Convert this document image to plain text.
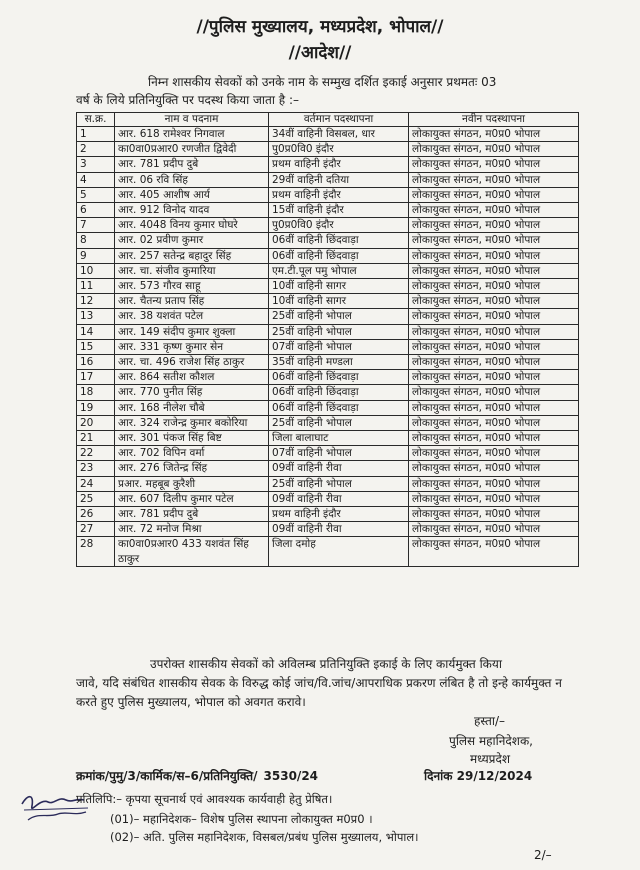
//पुलिस मुख्यालय, मध्यप्रदेश, भोपाल//
//आदेश//
निम्न शासकीय सेवकों को उनके नाम के सम्मुख दर्शित इकाई अनुसार प्रथमतः 03
वर्ष के लिये प्रतिनियुक्ति पर पदस्थ किया जाता है :–
स.क्र.	नाम व पदनाम	वर्तमान पदस्थापना	नवीन पदस्थापना
1	आर. 618 रामेश्वर निगवाल	34वीं वाहिनी विसबल, धार	लोकायुक्त संगठन, म0प्र0 भोपाल
2	का0वा0प्रआर0 रणजीत द्विवेदी	पु0प्र0वि0 इंदौर	लोकायुक्त संगठन, म0प्र0 भोपाल
3	आर. 781 प्रदीप दुबे	प्रथम वाहिनी इंदौर	लोकायुक्त संगठन, म0प्र0 भोपाल
4	आर. 06 रवि सिंह	29वीं वाहिनी दतिया	लोकायुक्त संगठन, म0प्र0 भोपाल
5	आर. 405 आशीष आर्य	प्रथम वाहिनी इंदौर	लोकायुक्त संगठन, म0प्र0 भोपाल
6	आर. 912 विनोद यादव	15वीं वाहिनी इंदौर	लोकायुक्त संगठन, म0प्र0 भोपाल
7	आर. 4048 विनय कुमार घोघरे	पु0प्र0वि0 इंदौर	लोकायुक्त संगठन, म0प्र0 भोपाल
8	आर. 02 प्रवीण कुमार	06वीं वाहिनी छिंदवाड़ा	लोकायुक्त संगठन, म0प्र0 भोपाल
9	आर. 257 सतेन्द्र बहादुर सिंह	06वीं वाहिनी छिंदवाड़ा	लोकायुक्त संगठन, म0प्र0 भोपाल
10	आर. चा. संजीव कुमारिया	एम.टी.पूल पमु भोपाल	लोकायुक्त संगठन, म0प्र0 भोपाल
11	आर. 573 गौरव साहू	10वीं वाहिनी सागर	लोकायुक्त संगठन, म0प्र0 भोपाल
12	आर. चैतन्य प्रताप सिंह	10वीं वाहिनी सागर	लोकायुक्त संगठन, म0प्र0 भोपाल
13	आर. 38 यशवंत पटेल	25वीं वाहिनी भोपाल	लोकायुक्त संगठन, म0प्र0 भोपाल
14	आर. 149 संदीप कुमार शुक्ला	25वीं वाहिनी भोपाल	लोकायुक्त संगठन, म0प्र0 भोपाल
15	आर. 331 कृष्ण कुमार सेन	07वीं वाहिनी भोपाल	लोकायुक्त संगठन, म0प्र0 भोपाल
16	आर. चा. 496 राजेश सिंह ठाकुर	35वीं वाहिनी मण्डला	लोकायुक्त संगठन, म0प्र0 भोपाल
17	आर. 864 सतीश कौशल	06वीं वाहिनी छिंदवाड़ा	लोकायुक्त संगठन, म0प्र0 भोपाल
18	आर. 770 पुनीत सिंह	06वीं वाहिनी छिंदवाड़ा	लोकायुक्त संगठन, म0प्र0 भोपाल
19	आर. 168 नीलेश चौबे	06वीं वाहिनी छिंदवाड़ा	लोकायुक्त संगठन, म0प्र0 भोपाल
20	आर. 324 राजेन्द्र कुमार बकोरिया	25वीं वाहिनी भोपाल	लोकायुक्त संगठन, म0प्र0 भोपाल
21	आर. 301 पंकज सिंह बिष्ट	जिला बालाघाट	लोकायुक्त संगठन, म0प्र0 भोपाल
22	आर. 702 विपिन वर्मा	07वीं वाहिनी भोपाल	लोकायुक्त संगठन, म0प्र0 भोपाल
23	आर. 276 जितेन्द्र सिंह	09वीं वाहिनी रीवा	लोकायुक्त संगठन, म0प्र0 भोपाल
24	प्रआर. महबूब कुरैशी	25वीं वाहिनी भोपाल	लोकायुक्त संगठन, म0प्र0 भोपाल
25	आर. 607 दिलीप कुमार पटेल	09वीं वाहिनी रीवा	लोकायुक्त संगठन, म0प्र0 भोपाल
26	आर. 781 प्रदीप दुबे	प्रथम वाहिनी इंदौर	लोकायुक्त संगठन, म0प्र0 भोपाल
27	आर. 72 मनोज मिश्रा	09वीं वाहिनी रीवा	लोकायुक्त संगठन, म0प्र0 भोपाल
28	का0वा0प्रआर0 433 यशवंत सिंह ठाकुर	जिला दमोह	लोकायुक्त संगठन, म0प्र0 भोपाल
उपरोक्त शासकीय सेवकों को अविलम्ब प्रतिनियुक्ति इकाई के लिए कार्यमुक्त किया
जावे, यदि संबंधित शासकीय सेवक के विरुद्ध कोई जांच/वि.जांच/आपराधिक प्रकरण लंबित है तो इन्हे कार्यमुक्त न करते हुए पुलिस मुख्यालय, भोपाल को अवगत करावे।
हस्ता/–
पुलिस महानिदेशक,
मध्यप्रदेश
क्रमांक/पुमु/3/कार्मिक/स–6/प्रतिनियुक्ति/ 3530/24	दिनांक 29/12/2024
प्रतिलिपि:– कृपया सूचनार्थ एवं आवश्यक कार्यवाही हेतु प्रेषित।
(01)– महानिदेशक– विशेष पुलिस स्थापना लोकायुक्त म0प्र0 ।
(02)– अति. पुलिस महानिदेशक, विसबल/प्रबंध पुलिस मुख्यालय, भोपाल।
2/–
